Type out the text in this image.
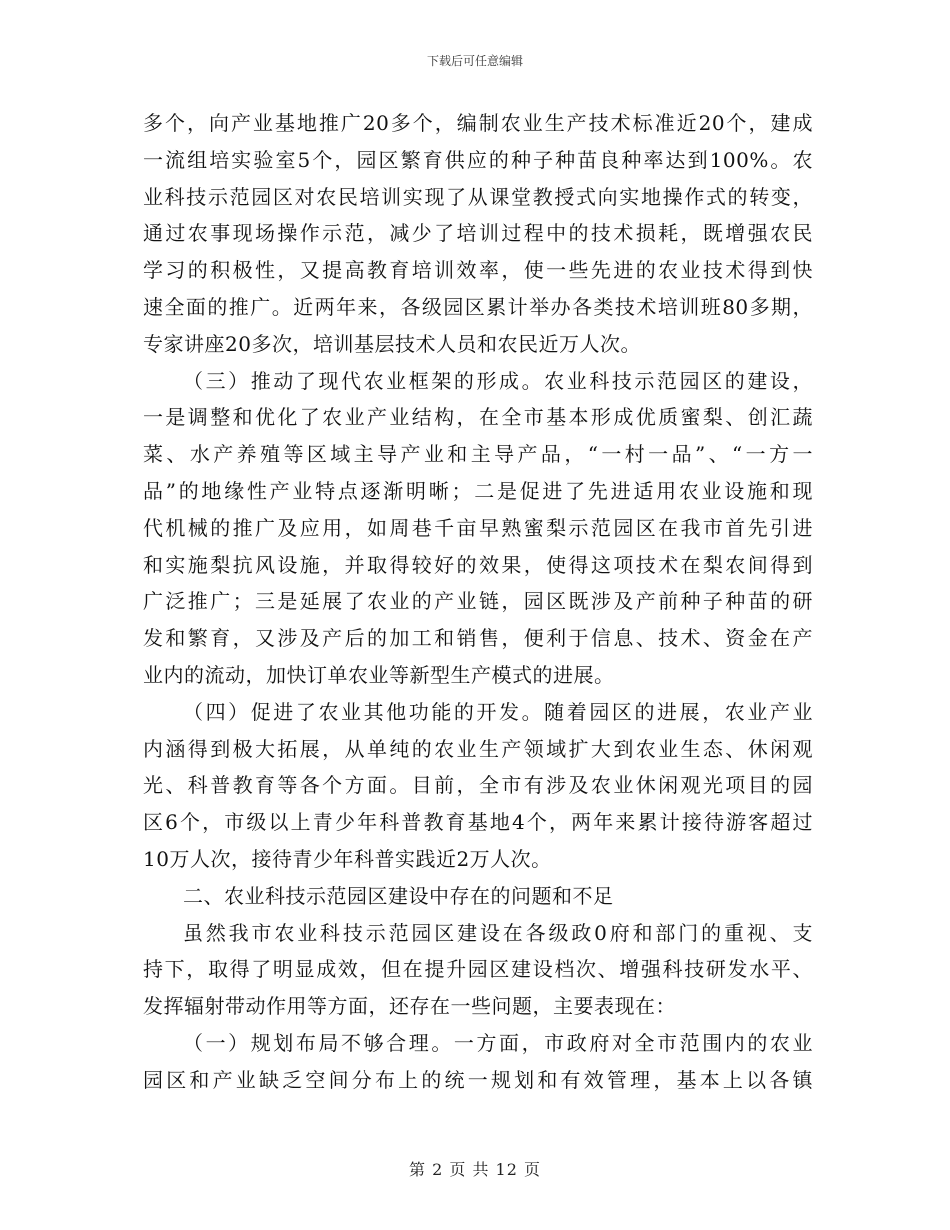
下载后可任意编辑
多个，向产业基地推广20多个，编制农业生产技术标准近20个，建成
一流组培实验室5个，园区繁育供应的种子种苗良种率达到100%。农
业科技示范园区对农民培训实现了从课堂教授式向实地操作式的转变，
通过农事现场操作示范，减少了培训过程中的技术损耗，既增强农民
学习的积极性，又提高教育培训效率，使一些先进的农业技术得到快
速全面的推广。近两年来，各级园区累计举办各类技术培训班80多期，
专家讲座20多次，培训基层技术人员和农民近万人次。
（三）推动了现代农业框架的形成。农业科技示范园区的建设，
一是调整和优化了农业产业结构，在全市基本形成优质蜜梨、创汇蔬
菜、水产养殖等区域主导产业和主导产品，“一村一品”、“一方一
品”的地缘性产业特点逐渐明晰；二是促进了先进适用农业设施和现
代机械的推广及应用，如周巷千亩早熟蜜梨示范园区在我市首先引进
和实施梨抗风设施，并取得较好的效果，使得这项技术在梨农间得到
广泛推广；三是延展了农业的产业链，园区既涉及产前种子种苗的研
发和繁育，又涉及产后的加工和销售，便利于信息、技术、资金在产
业内的流动，加快订单农业等新型生产模式的进展。
（四）促进了农业其他功能的开发。随着园区的进展，农业产业
内涵得到极大拓展，从单纯的农业生产领域扩大到农业生态、休闲观
光、科普教育等各个方面。目前，全市有涉及农业休闲观光项目的园
区6个，市级以上青少年科普教育基地4个，两年来累计接待游客超过
10万人次，接待青少年科普实践近2万人次。
二、农业科技示范园区建设中存在的问题和不足
虽然我市农业科技示范园区建设在各级政0府和部门的重视、支
持下，取得了明显成效，但在提升园区建设档次、增强科技研发水平、
发挥辐射带动作用等方面，还存在一些问题，主要表现在：
（一）规划布局不够合理。一方面，市政府对全市范围内的农业
园区和产业缺乏空间分布上的统一规划和有效管理，基本上以各镇
第 2 页 共 12 页
